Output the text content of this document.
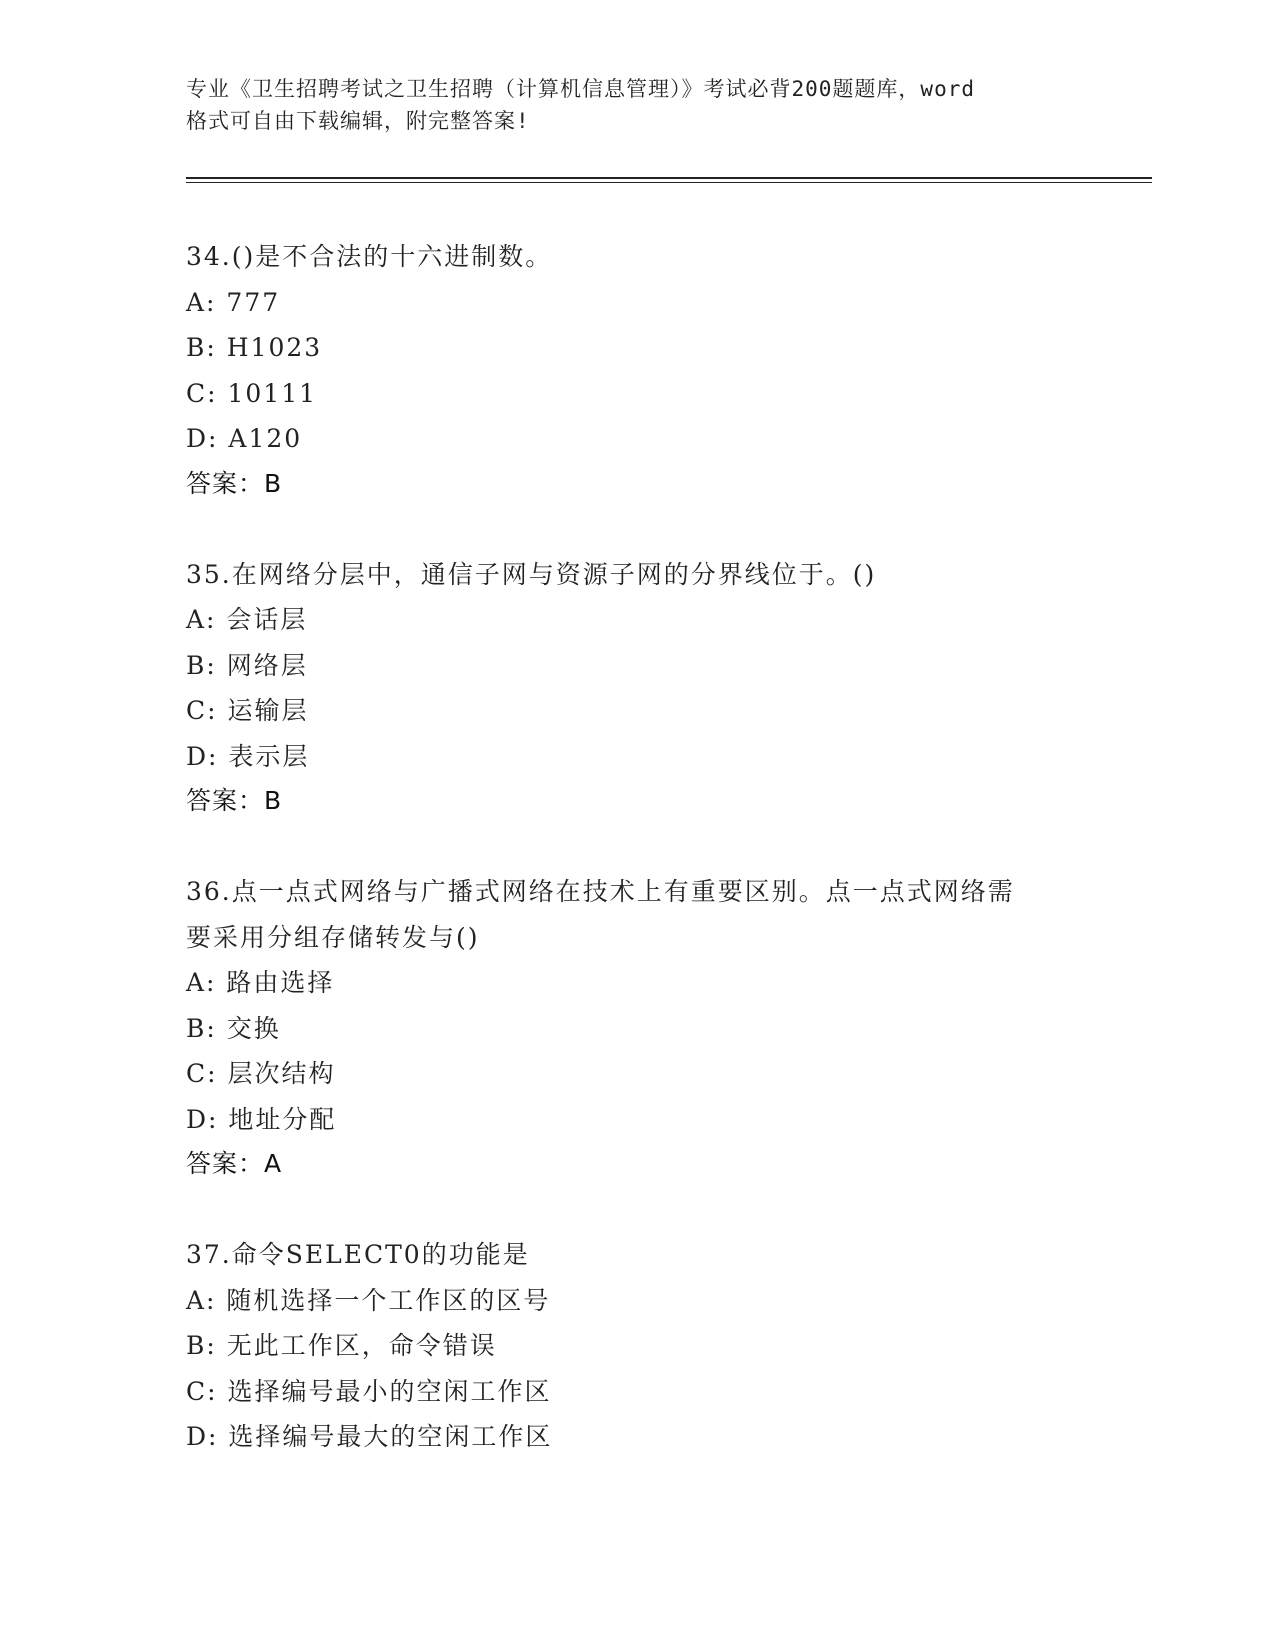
专业《卫生招聘考试之卫生招聘（计算机信息管理）》考试必背200题题库，word
格式可自由下载编辑，附完整答案!
34.()是不合法的十六进制数。
A: 777
B: H1023
C: 10111
D: A120
答案：B
35.在网络分层中，通信子网与资源子网的分界线位于。()
A: 会话层
B: 网络层
C: 运输层
D: 表示层
答案：B
36.点一点式网络与广播式网络在技术上有重要区别。点一点式网络需
要采用分组存储转发与()
A: 路由选择
B: 交换
C: 层次结构
D: 地址分配
答案：A
37.命令SELECT0的功能是
A: 随机选择一个工作区的区号
B: 无此工作区，命令错误
C: 选择编号最小的空闲工作区
D: 选择编号最大的空闲工作区
